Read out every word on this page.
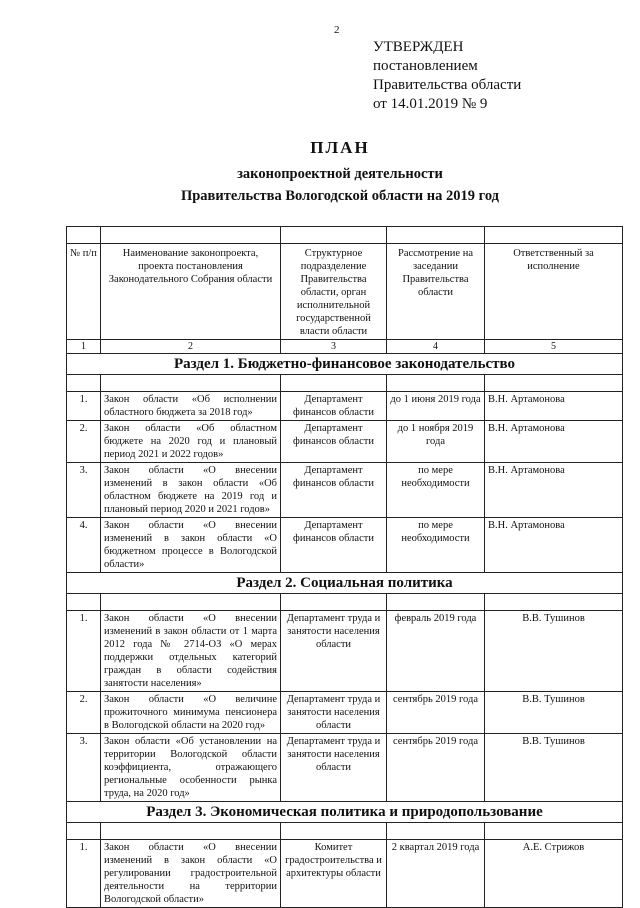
2
УТВЕРЖДЕН
постановлением
Правительства области
от 14.01.2019 № 9
ПЛАН
законопроектной деятельности
Правительства Вологодской области на 2019 год

№ п/п	Наименование законопроекта, проекта постановления Законодательного Собрания области	Структурное подразделение Правительства области, орган исполнительной государственной власти области	Рассмотрение на заседании Правительства области	Ответственный за исполнение
1	2	3	4	5
Раздел 1. Бюджетно-финансовое законодательство				

1.	Закон области «Об исполнении областного бюджета за 2018 год»	Департамент финансов области	до 1 июня 2019 года	В.Н. Артамонова
2.	Закон области «Об областном бюджете на 2020 год и плановый период 2021 и 2022 годов»	Департамент финансов области	до 1 ноября 2019 года	В.Н. Артамонова
3.	Закон области «О внесении изменений в закон области «Об областном бюджете на 2019 год и плановый период 2020 и 2021 годов»	Департамент финансов области	по мере необходимости	В.Н. Артамонова
4.	Закон области «О внесении изменений в закон области «О бюджетном процессе в Вологодской области»	Департамент финансов области	по мере необходимости	В.Н. Артамонова
Раздел 2. Социальная политика				

1.	Закон области «О внесении изменений в закон области от 1 марта 2012 года № 2714-ОЗ «О мерах поддержки отдельных категорий граждан в области содействия занятости населения»	Департамент труда и занятости населения области	февраль 2019 года	В.В. Тушинов
2.	Закон области «О величине прожиточного минимума пенсионера в Вологодской области на 2020 год»	Департамент труда и занятости населения области	сентябрь 2019 года	В.В. Тушинов
3.	Закон области «Об установлении на территории Вологодской области коэффициента, отражающего региональные особенности рынка труда, на 2020 год»	Департамент труда и занятости населения области	сентябрь 2019 года	В.В. Тушинов
Раздел 3. Экономическая политика и природопользование				

1.	Закон области «О внесении изменений в закон области «О регулировании градостроительной деятельности на территории Вологодской области»	Комитет градостроительства и архитектуры области	2 квартал 2019 года	А.Е. Стрижов
